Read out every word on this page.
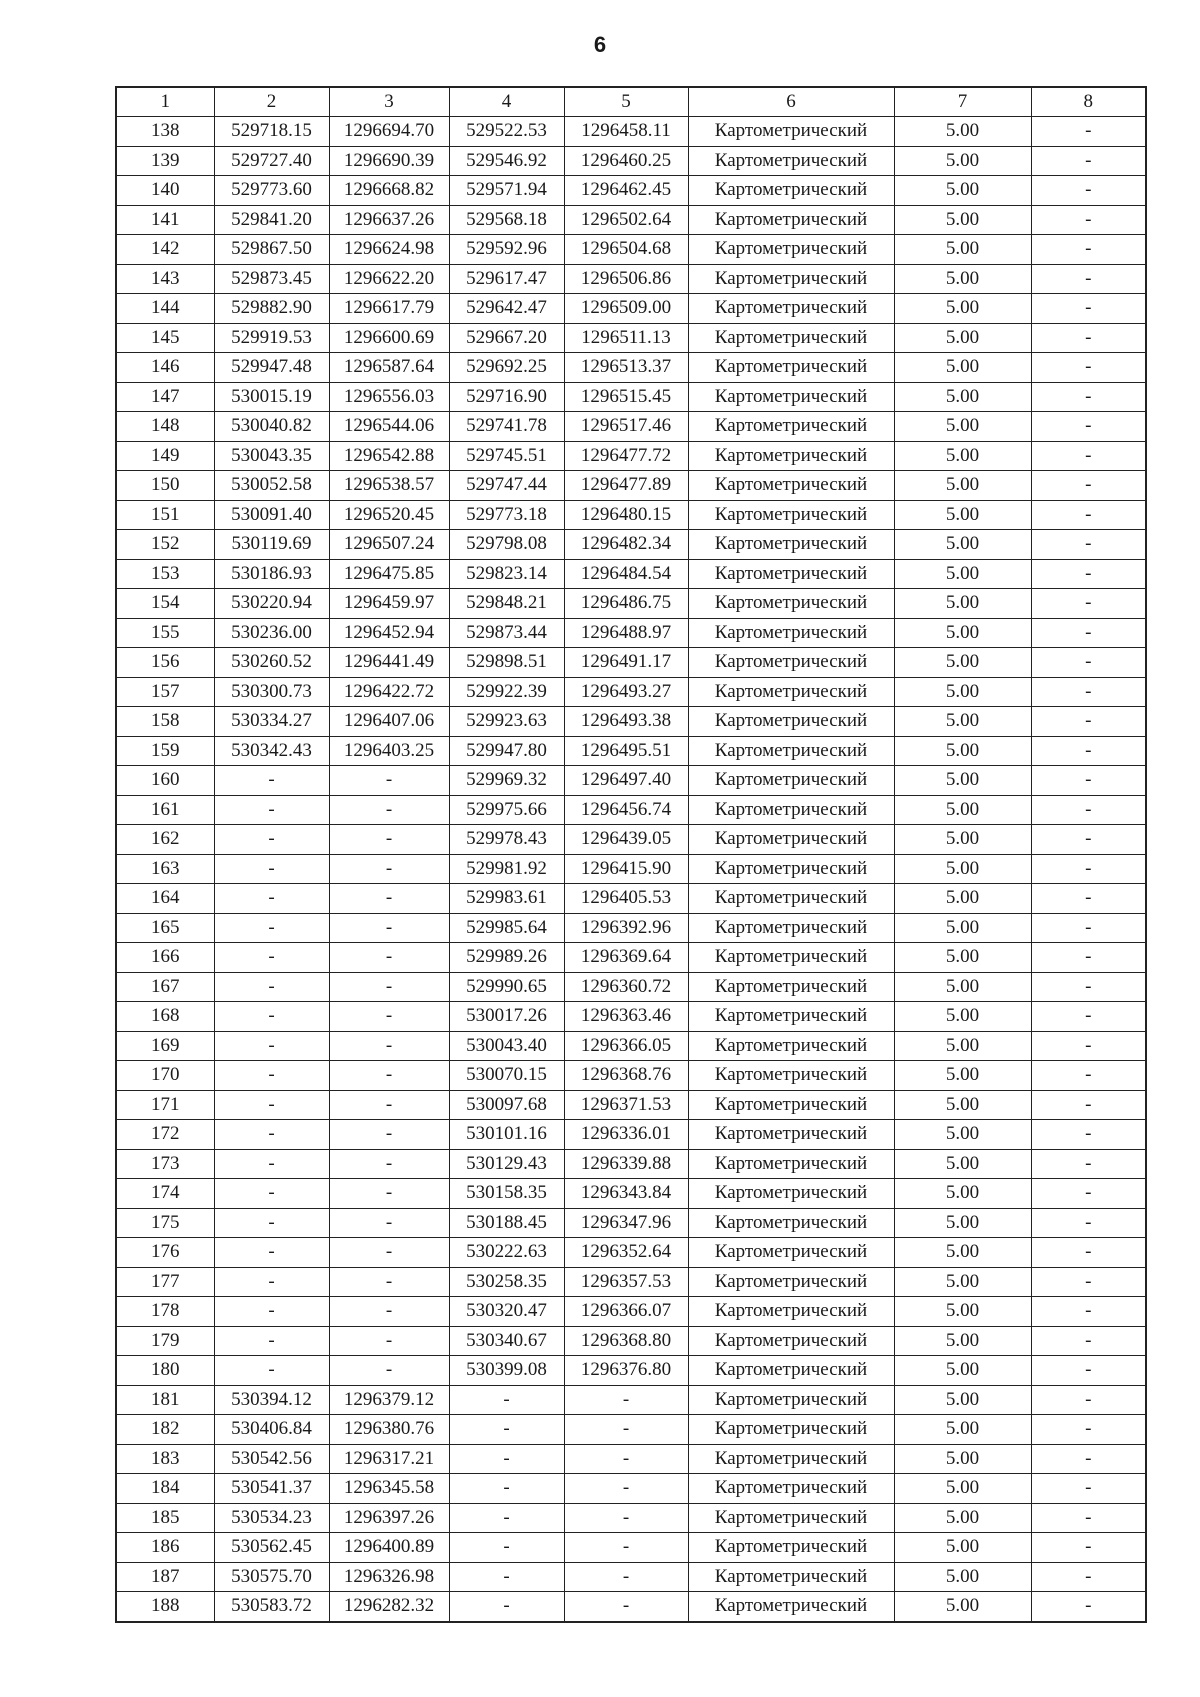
6
1	2	3	4	5	6	7	8
138	529718.15	1296694.70	529522.53	1296458.11	Картометрический	5.00	-
139	529727.40	1296690.39	529546.92	1296460.25	Картометрический	5.00	-
140	529773.60	1296668.82	529571.94	1296462.45	Картометрический	5.00	-
141	529841.20	1296637.26	529568.18	1296502.64	Картометрический	5.00	-
142	529867.50	1296624.98	529592.96	1296504.68	Картометрический	5.00	-
143	529873.45	1296622.20	529617.47	1296506.86	Картометрический	5.00	-
144	529882.90	1296617.79	529642.47	1296509.00	Картометрический	5.00	-
145	529919.53	1296600.69	529667.20	1296511.13	Картометрический	5.00	-
146	529947.48	1296587.64	529692.25	1296513.37	Картометрический	5.00	-
147	530015.19	1296556.03	529716.90	1296515.45	Картометрический	5.00	-
148	530040.82	1296544.06	529741.78	1296517.46	Картометрический	5.00	-
149	530043.35	1296542.88	529745.51	1296477.72	Картометрический	5.00	-
150	530052.58	1296538.57	529747.44	1296477.89	Картометрический	5.00	-
151	530091.40	1296520.45	529773.18	1296480.15	Картометрический	5.00	-
152	530119.69	1296507.24	529798.08	1296482.34	Картометрический	5.00	-
153	530186.93	1296475.85	529823.14	1296484.54	Картометрический	5.00	-
154	530220.94	1296459.97	529848.21	1296486.75	Картометрический	5.00	-
155	530236.00	1296452.94	529873.44	1296488.97	Картометрический	5.00	-
156	530260.52	1296441.49	529898.51	1296491.17	Картометрический	5.00	-
157	530300.73	1296422.72	529922.39	1296493.27	Картометрический	5.00	-
158	530334.27	1296407.06	529923.63	1296493.38	Картометрический	5.00	-
159	530342.43	1296403.25	529947.80	1296495.51	Картометрический	5.00	-
160	-	-	529969.32	1296497.40	Картометрический	5.00	-
161	-	-	529975.66	1296456.74	Картометрический	5.00	-
162	-	-	529978.43	1296439.05	Картометрический	5.00	-
163	-	-	529981.92	1296415.90	Картометрический	5.00	-
164	-	-	529983.61	1296405.53	Картометрический	5.00	-
165	-	-	529985.64	1296392.96	Картометрический	5.00	-
166	-	-	529989.26	1296369.64	Картометрический	5.00	-
167	-	-	529990.65	1296360.72	Картометрический	5.00	-
168	-	-	530017.26	1296363.46	Картометрический	5.00	-
169	-	-	530043.40	1296366.05	Картометрический	5.00	-
170	-	-	530070.15	1296368.76	Картометрический	5.00	-
171	-	-	530097.68	1296371.53	Картометрический	5.00	-
172	-	-	530101.16	1296336.01	Картометрический	5.00	-
173	-	-	530129.43	1296339.88	Картометрический	5.00	-
174	-	-	530158.35	1296343.84	Картометрический	5.00	-
175	-	-	530188.45	1296347.96	Картометрический	5.00	-
176	-	-	530222.63	1296352.64	Картометрический	5.00	-
177	-	-	530258.35	1296357.53	Картометрический	5.00	-
178	-	-	530320.47	1296366.07	Картометрический	5.00	-
179	-	-	530340.67	1296368.80	Картометрический	5.00	-
180	-	-	530399.08	1296376.80	Картометрический	5.00	-
181	530394.12	1296379.12	-	-	Картометрический	5.00	-
182	530406.84	1296380.76	-	-	Картометрический	5.00	-
183	530542.56	1296317.21	-	-	Картометрический	5.00	-
184	530541.37	1296345.58	-	-	Картометрический	5.00	-
185	530534.23	1296397.26	-	-	Картометрический	5.00	-
186	530562.45	1296400.89	-	-	Картометрический	5.00	-
187	530575.70	1296326.98	-	-	Картометрический	5.00	-
188	530583.72	1296282.32	-	-	Картометрический	5.00	-
